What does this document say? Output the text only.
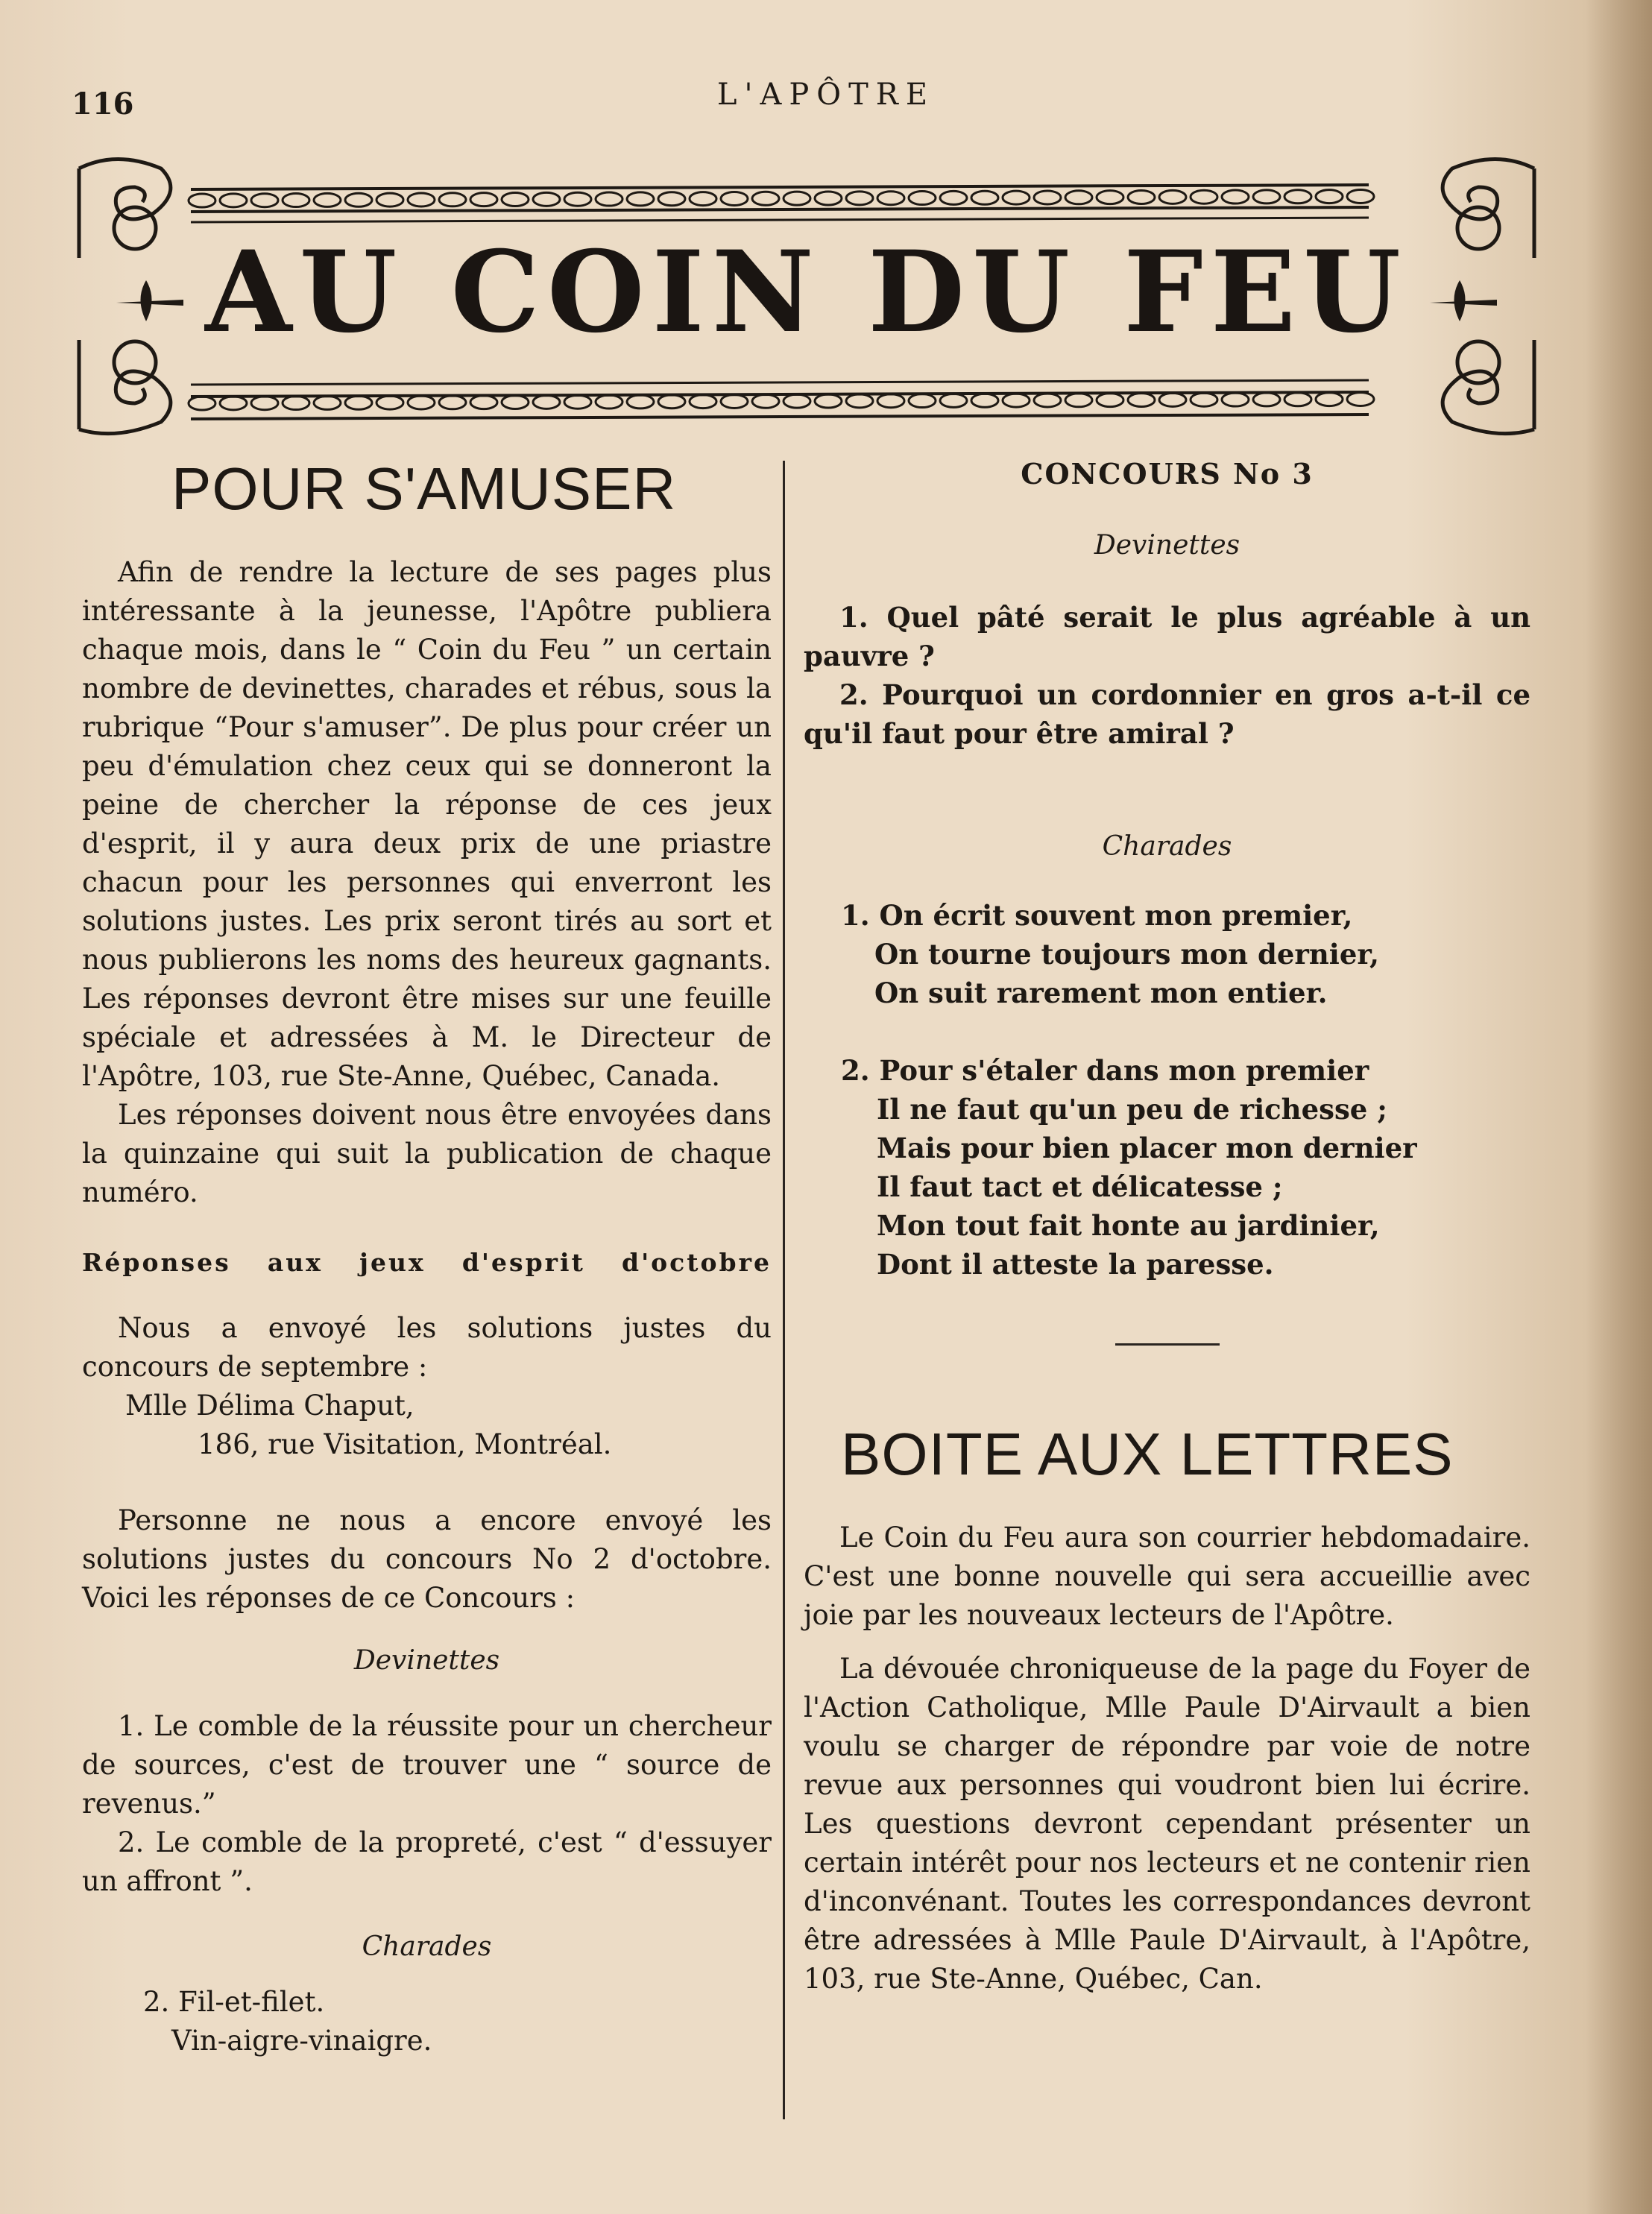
116	L'APÔTRE
AU COIN DU FEU
POUR S'AMUSER

Afin de rendre la lecture de ses pages plus intéressante à la jeunesse, l'Apôtre publiera chaque mois, dans le “ Coin du Feu ” un certain nombre de devinettes, charades et rébus, sous la rubrique “Pour s'amuser”. De plus pour créer un peu d'émulation chez ceux qui se donneront la peine de chercher la réponse de ces jeux d'esprit, il y aura deux prix de une priastre chacun pour les personnes qui enverront les solutions justes. Les prix seront tirés au sort et nous publierons les noms des heureux gagnants. Les réponses devront être mises sur une feuille spéciale et adressées à M. le Directeur de l'Apôtre, 103, rue Ste-Anne, Québec, Canada.

Les réponses doivent nous être envoyées dans la quinzaine qui suit la publication de chaque numéro.

Réponses aux jeux d'esprit d'octobre

Nous a envoyé les solutions justes du concours de septembre :

Mlle Délima Chaput,

186, rue Visitation, Montréal.

Personne ne nous a encore envoyé les solutions justes du concours No 2 d'octobre. Voici les réponses de ce Concours :

Devinettes

1. Le comble de la réussite pour un chercheur de sources, c'est de trouver une “ source de revenus.”

2. Le comble de la propreté, c'est “ d'essuyer un affront ”.

Charades

2. Fil-et-filet.

Vin-aigre-vinaigre.

CONCOURS No 3

Devinettes

1. Quel pâté serait le plus agréable à un pauvre ?

2. Pourquoi un cordonnier en gros a-t-il ce qu'il faut pour être amiral ?

Charades

1. On écrit souvent mon premier,
On tourne toujours mon dernier,
On suit rarement mon entier.
2. Pour s'étaler dans mon premier
Il ne faut qu'un peu de richesse ;
Mais pour bien placer mon dernier
Il faut tact et délicatesse ;
Mon tout fait honte au jardinier,
Dont il atteste la paresse.
BOITE AUX LETTRES

Le Coin du Feu aura son courrier hebdomadaire. C'est une bonne nouvelle qui sera accueillie avec joie par les nouveaux lecteurs de l'Apôtre.

La dévouée chroniqueuse de la page du Foyer de l'Action Catholique, Mlle Paule D'Airvault a bien voulu se charger de répondre par voie de notre revue aux personnes qui voudront bien lui écrire. Les questions devront cependant présenter un certain intérêt pour nos lecteurs et ne contenir rien d'inconvénant. Toutes les correspondances devront être adressées à Mlle Paule D'Airvault, à l'Apôtre, 103, rue Ste-Anne, Québec, Can.
